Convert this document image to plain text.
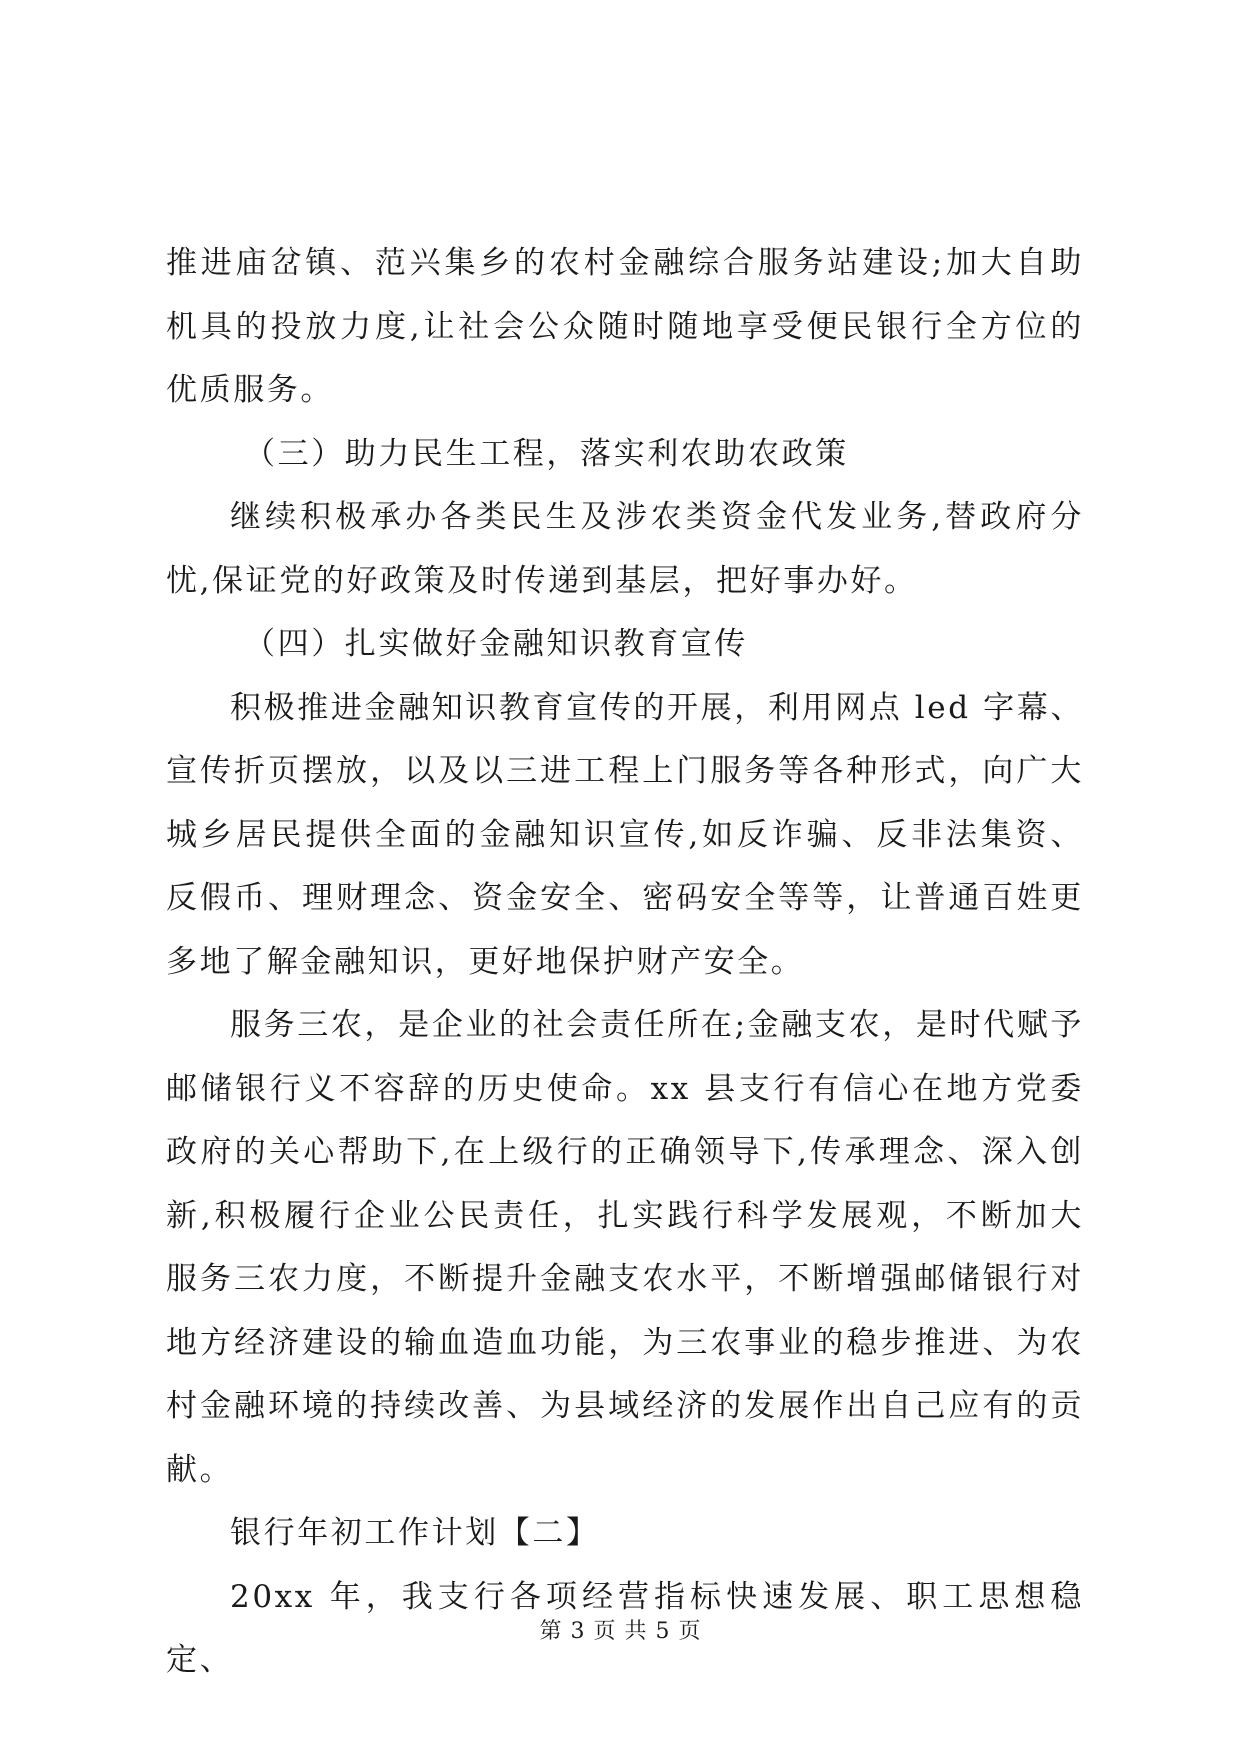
推进庙岔镇、范兴集乡的农村金融综合服务站建设;加大自助机具的投放力度,让社会公众随时随地享受便民银行全方位的优质服务。

（三）助力民生工程，落实利农助农政策

继续积极承办各类民生及涉农类资金代发业务,替政府分忧,保证党的好政策及时传递到基层，把好事办好。

（四）扎实做好金融知识教育宣传

积极推进金融知识教育宣传的开展，利用网点 led 字幕、宣传折页摆放，以及以三进工程上门服务等各种形式，向广大城乡居民提供全面的金融知识宣传,如反诈骗、反非法集资、反假币、理财理念、资金安全、密码安全等等，让普通百姓更多地了解金融知识，更好地保护财产安全。

服务三农，是企业的社会责任所在;金融支农，是时代赋予邮储银行义不容辞的历史使命。xx 县支行有信心在地方党委政府的关心帮助下,在上级行的正确领导下,传承理念、深入创新,积极履行企业公民责任，扎实践行科学发展观，不断加大服务三农力度，不断提升金融支农水平，不断增强邮储银行对地方经济建设的输血造血功能，为三农事业的稳步推进、为农村金融环境的持续改善、为县域经济的发展作出自己应有的贡献。

银行年初工作计划【二】

20xx 年，我支行各项经营指标快速发展、职工思想稳定、

第 3 页 共 5 页
